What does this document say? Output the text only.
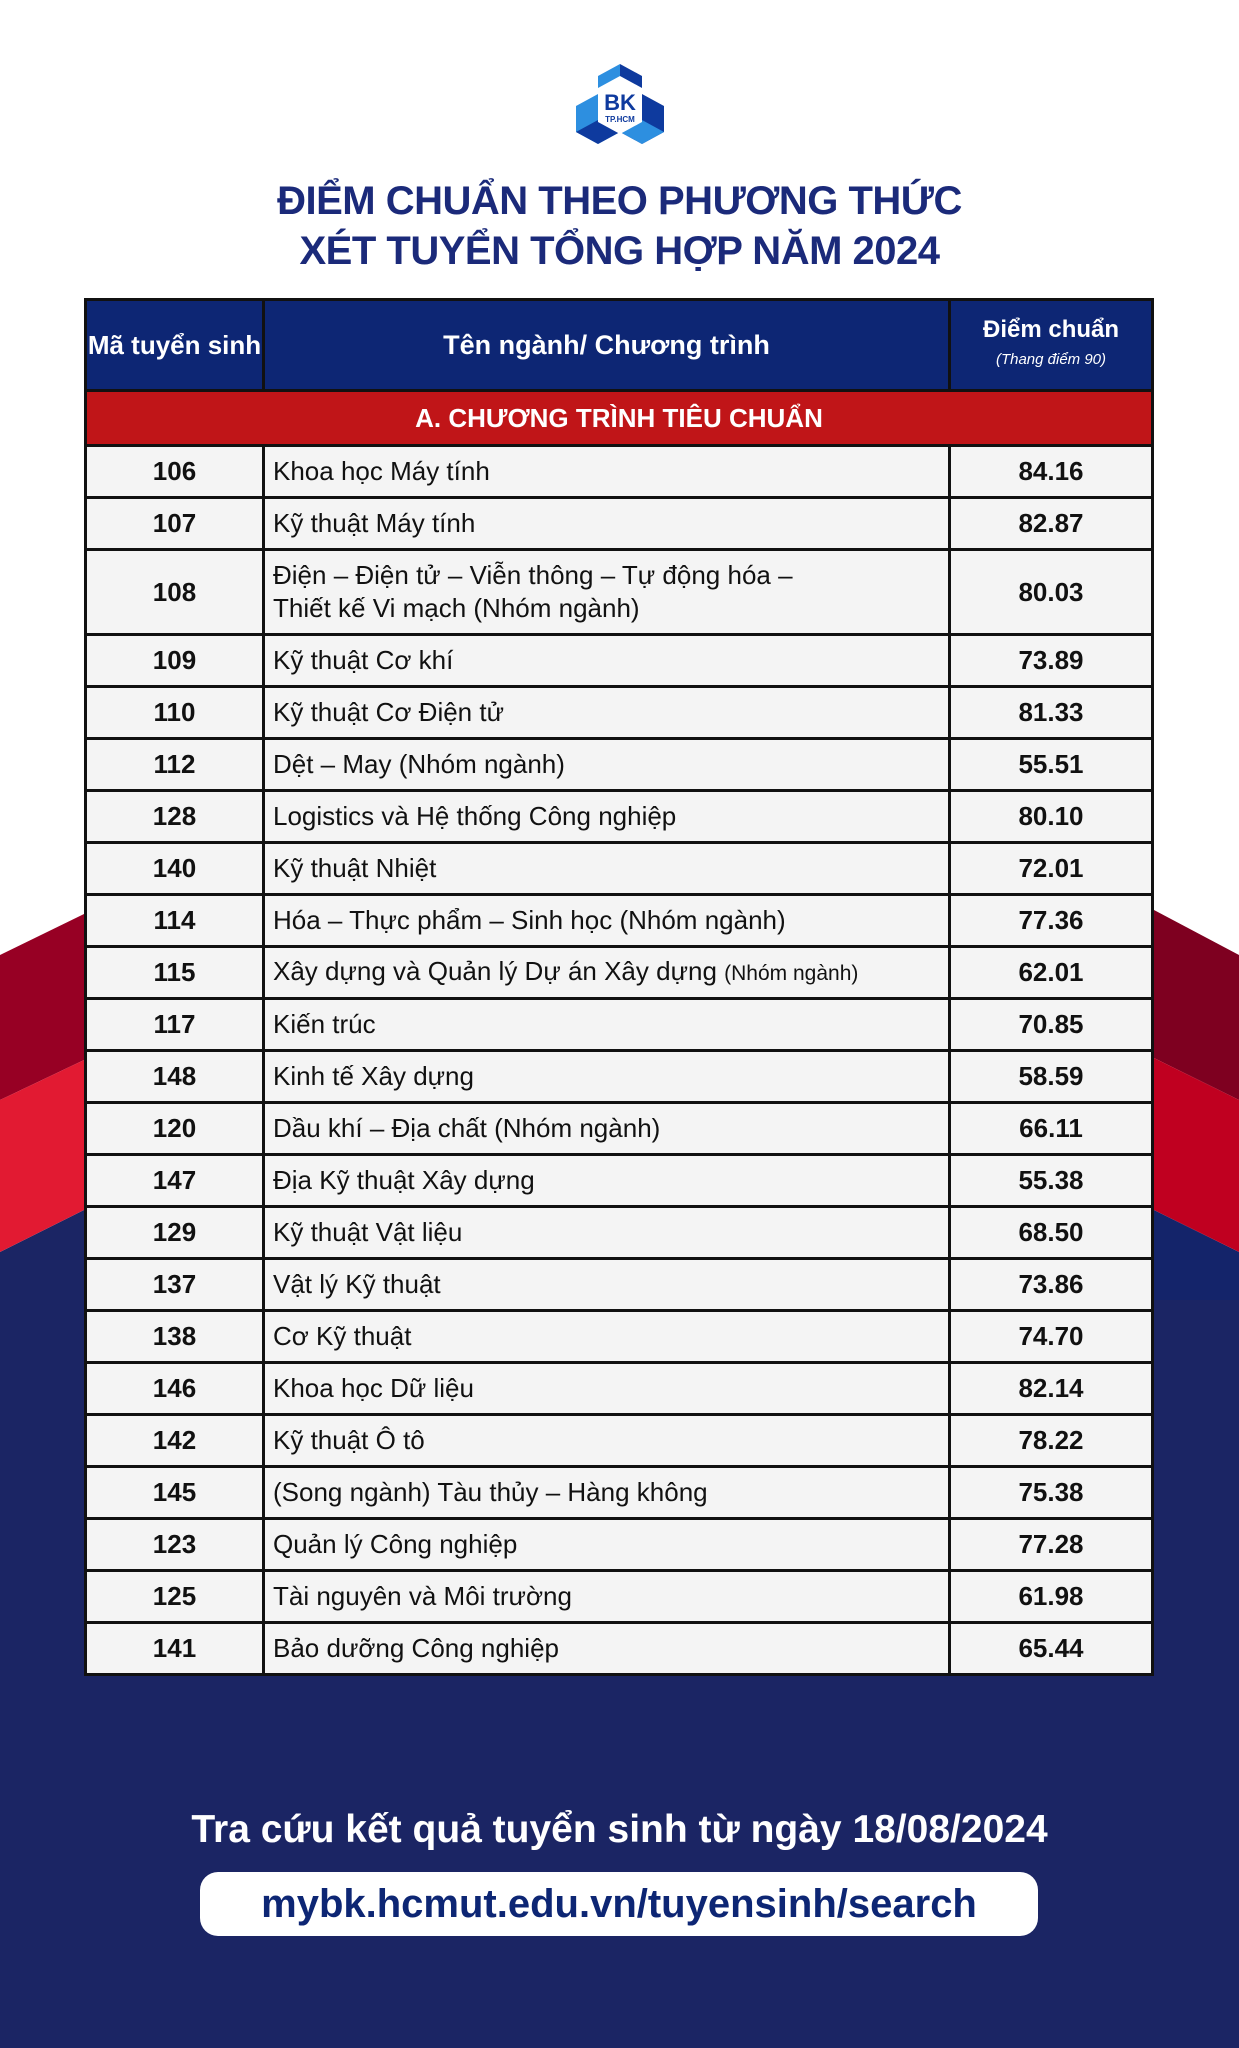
BK
TP.HCM
ĐIỂM CHUẨN THEO PHƯƠNG THỨC
XÉT TUYỂN TỔNG HỢP NĂM 2024
Mã tuyển sinh	Tên ngành/ Chương trình	Điểm chuẩn
(Thang điểm 90)

A. CHƯƠNG TRÌNH TIÊU CHUẨN		
106	Khoa học Máy tính	84.16
107	Kỹ thuật Máy tính	82.87
108	Điện – Điện tử – Viễn thông – Tự động hóa –
Thiết kế Vi mạch (Nhóm ngành)	80.03
109	Kỹ thuật Cơ khí	73.89
110	Kỹ thuật Cơ Điện tử	81.33
112	Dệt – May (Nhóm ngành)	55.51
128	Logistics và Hệ thống Công nghiệp	80.10
140	Kỹ thuật Nhiệt	72.01
114	Hóa – Thực phẩm – Sinh học (Nhóm ngành)	77.36
115	Xây dựng và Quản lý Dự án Xây dựng (Nhóm ngành)	62.01
117	Kiến trúc	70.85
148	Kinh tế Xây dựng	58.59
120	Dầu khí – Địa chất (Nhóm ngành)	66.11
147	Địa Kỹ thuật Xây dựng	55.38
129	Kỹ thuật Vật liệu	68.50
137	Vật lý Kỹ thuật	73.86
138	Cơ Kỹ thuật	74.70
146	Khoa học Dữ liệu	82.14
142	Kỹ thuật Ô tô	78.22
145	(Song ngành) Tàu thủy – Hàng không	75.38
123	Quản lý Công nghiệp	77.28
125	Tài nguyên và Môi trường	61.98
141	Bảo dưỡng Công nghiệp	65.44
Tra cứu kết quả tuyển sinh từ ngày 18/08/2024
mybk.hcmut.edu.vn/tuyensinh/search
